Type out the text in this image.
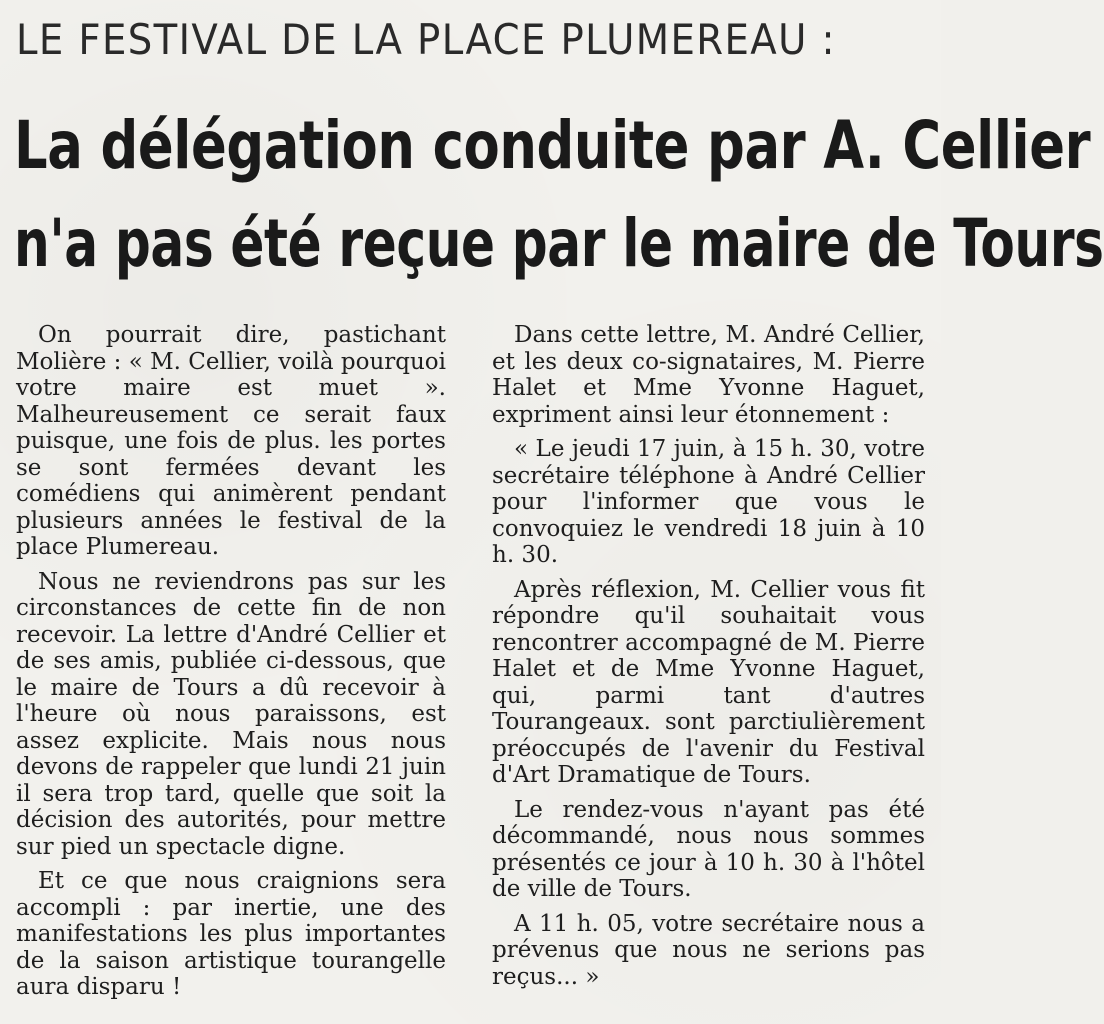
LE FESTIVAL DE LA PLACE PLUMEREAU :
La délégation conduite par A. Cellier
n'a pas été reçue par le maire de Tours

On pourrait dire, pastichant Molière : « M. Cellier, voilà pourquoi votre maire est muet ». Malheureusement ce serait faux puisque, une fois de plus. les portes se sont fermées devant les comédiens qui animèrent pendant plusieurs années le festival de la place Plumereau.

Nous ne reviendrons pas sur les circonstances de cette fin de non recevoir. La lettre d'André Cellier et de ses amis, publiée ci-dessous, que le maire de Tours a dû recevoir à l'heure où nous paraissons, est assez explicite. Mais nous nous devons de rappeler que lundi 21 juin il sera trop tard, quelle que soit la décision des autorités, pour mettre sur pied un spectacle digne.

Et ce que nous craignions sera accompli : par inertie, une des manifestations les plus importantes de la saison artistique tourangelle aura disparu !

Dans cette lettre, M. André Cellier, et les deux co-signataires, M. Pierre Halet et Mme Yvonne Haguet, expriment ainsi leur étonnement :

« Le jeudi 17 juin, à 15 h. 30, votre secrétaire téléphone à André Cellier pour l'informer que vous le convoquiez le vendredi 18 juin à 10 h. 30.

Après réflexion, M. Cellier vous fit répondre qu'il souhaitait vous rencontrer accompagné de M. Pierre Halet et de Mme Yvonne Haguet, qui, parmi tant d'autres Tourangeaux. sont parctiulièrement préoccupés de l'avenir du Festival d'Art Dramatique de Tours.

Le rendez-vous n'ayant pas été décommandé, nous nous sommes présentés ce jour à 10 h. 30 à l'hôtel de ville de Tours.

A 11 h. 05, votre secrétaire nous a prévenus que nous ne serions pas reçus... »
